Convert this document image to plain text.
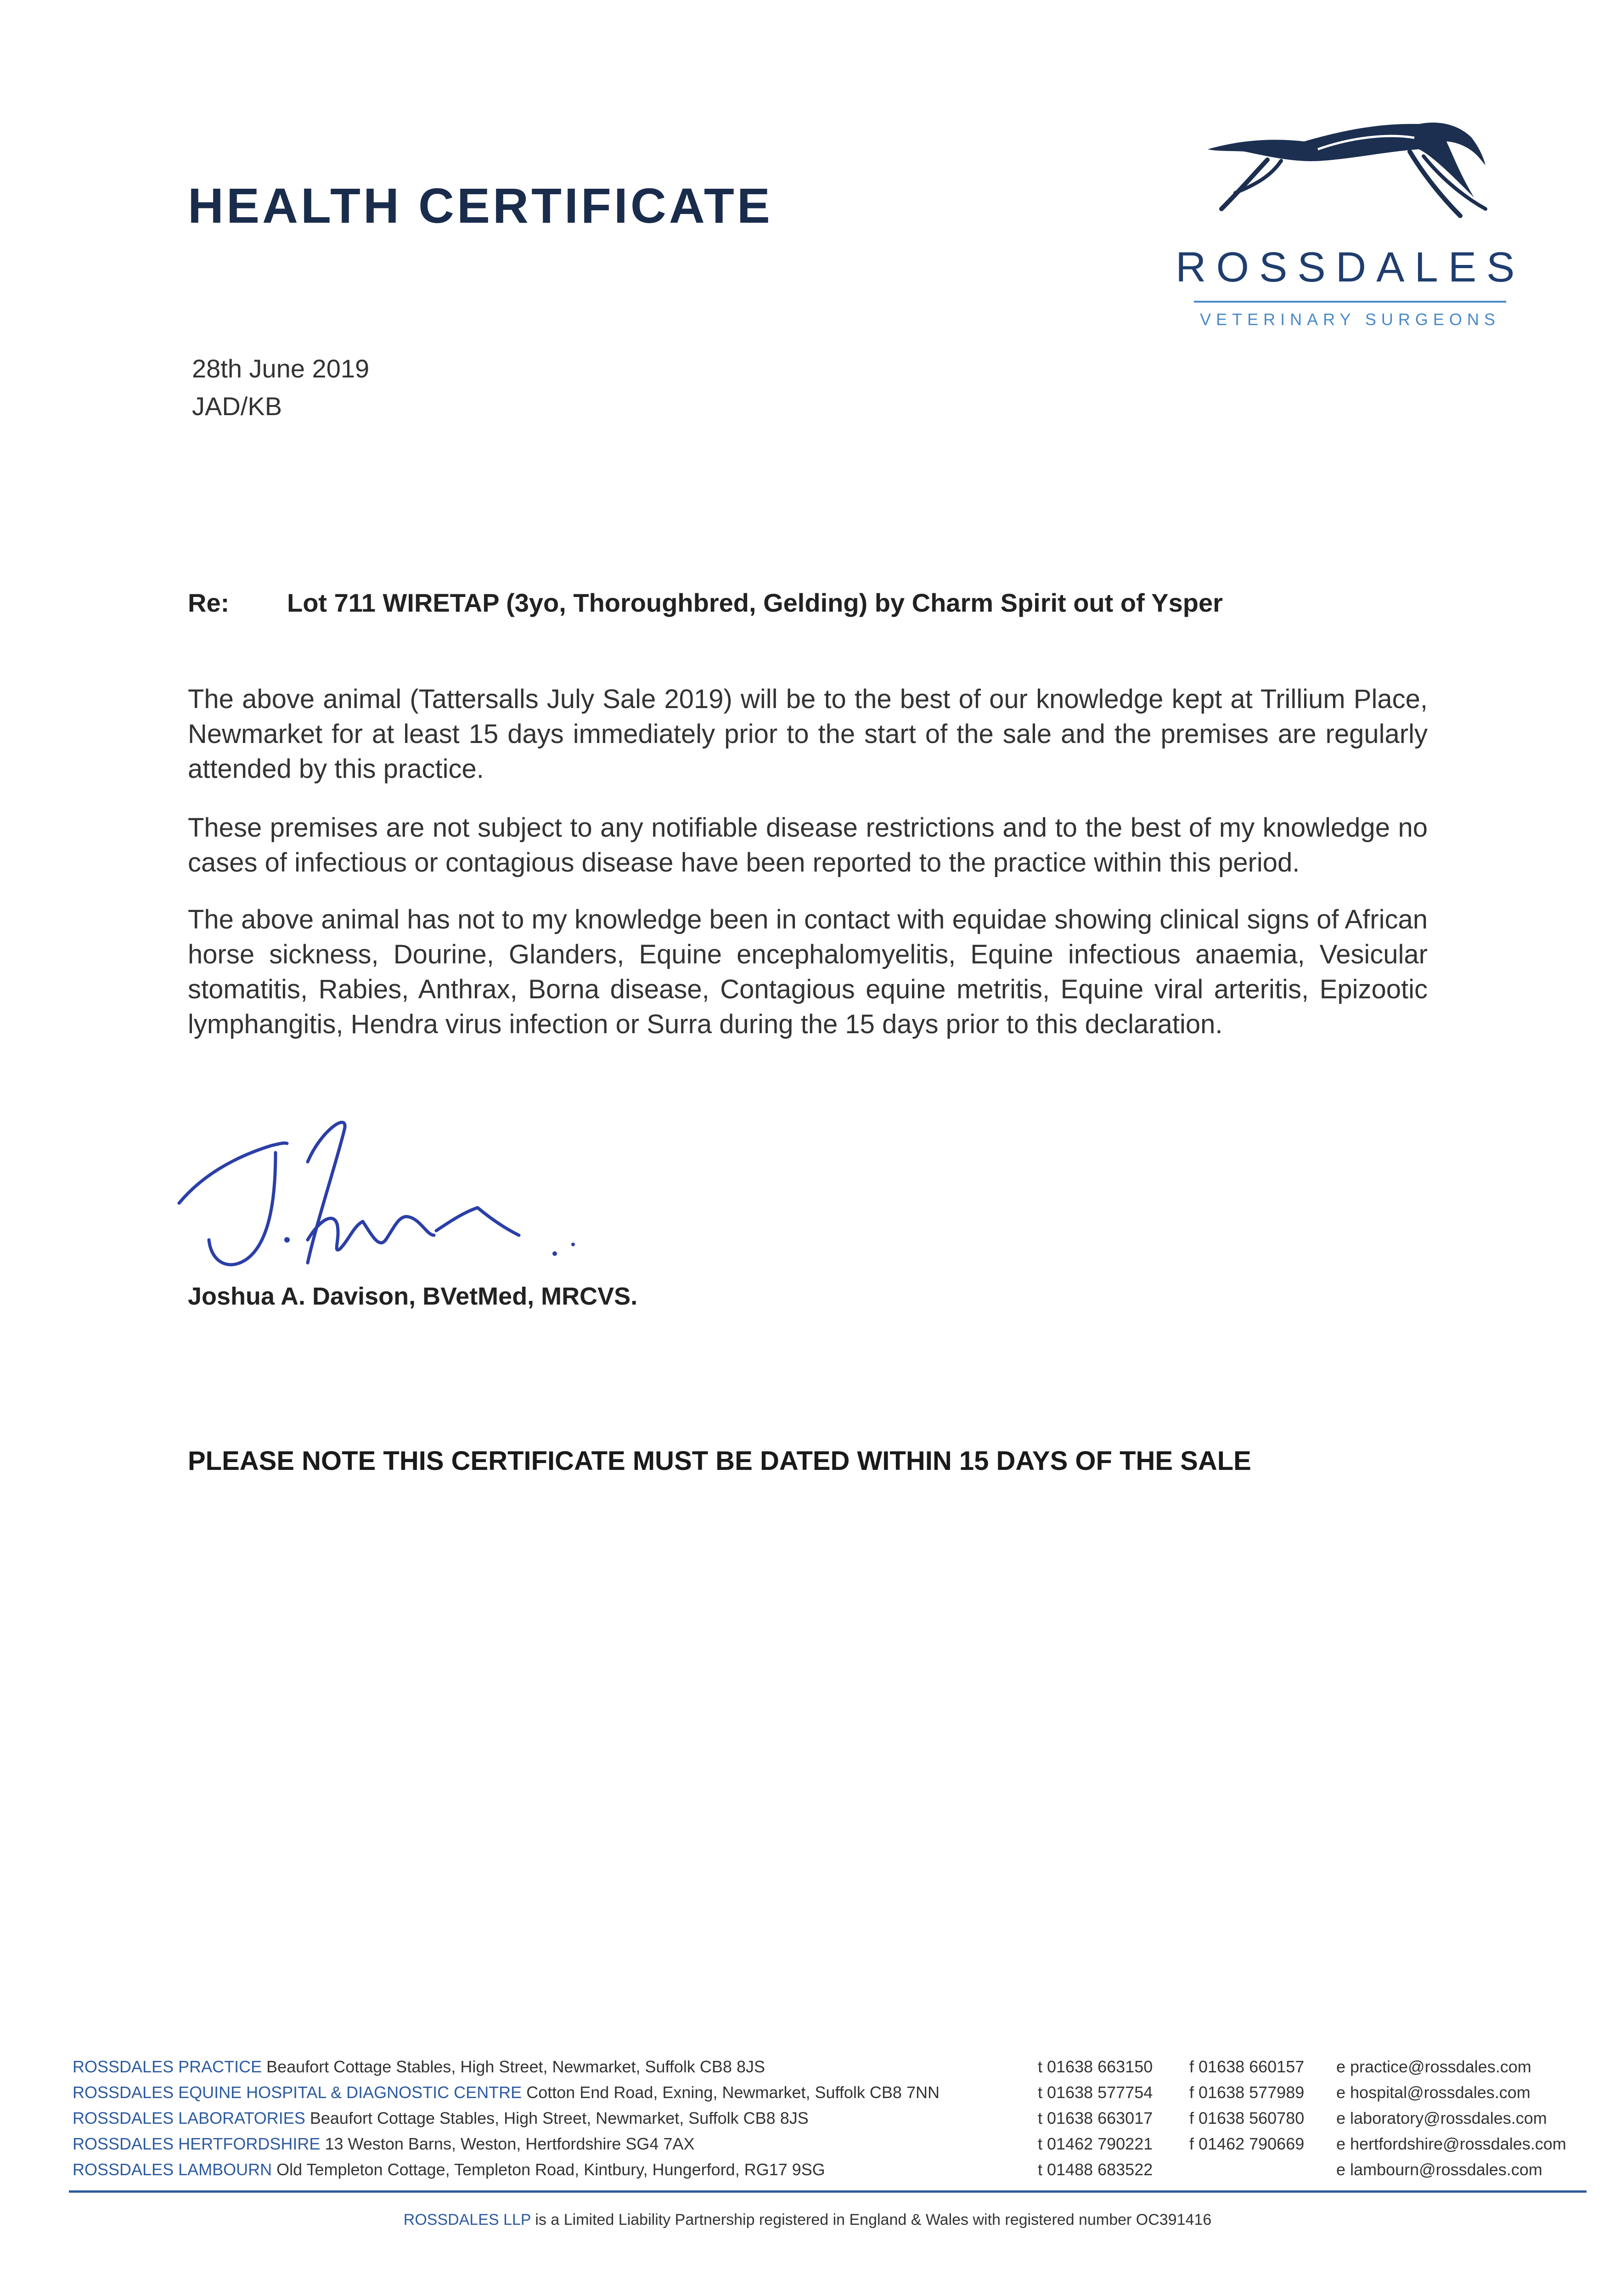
HEALTH CERTIFICATE
ROSSDALES
VETERINARY SURGEONS
28th June 2019
JAD/KB
Re: Lot 711 WIRETAP (3yo, Thoroughbred, Gelding) by Charm Spirit out of Ysper
The above animal (Tattersalls July Sale 2019) will be to the best of our knowledge kept at Trillium Place, Newmarket for at least 15 days immediately prior to the start of the sale and the premises are regularly attended by this practice.
These premises are not subject to any notifiable disease restrictions and to the best of my knowledge no cases of infectious or contagious disease have been reported to the practice within this period.
The above animal has not to my knowledge been in contact with equidae showing clinical signs of African horse sickness, Dourine, Glanders, Equine encephalomyelitis, Equine infectious anaemia, Vesicular stomatitis, Rabies, Anthrax, Borna disease, Contagious equine metritis, Equine viral arteritis, Epizootic lymphangitis, Hendra virus infection or Surra during the 15 days prior to this declaration.
Joshua A. Davison, BVetMed, MRCVS.
PLEASE NOTE THIS CERTIFICATE MUST BE DATED WITHIN 15 DAYS OF THE SALE
ROSSDALES PRACTICE Beaufort Cottage Stables, High Street, Newmarket, Suffolk CB8 8JS
ROSSDALES EQUINE HOSPITAL & DIAGNOSTIC CENTRE Cotton End Road, Exning, Newmarket, Suffolk CB8 7NN
ROSSDALES LABORATORIES Beaufort Cottage Stables, High Street, Newmarket, Suffolk CB8 8JS
ROSSDALES HERTFORDSHIRE 13 Weston Barns, Weston, Hertfordshire SG4 7AX
ROSSDALES LAMBOURN Old Templeton Cottage, Templeton Road, Kintbury, Hungerford, RG17 9SG
t 01638 663150
t 01638 577754
t 01638 663017
t 01462 790221
t 01488 683522
f 01638 660157
f 01638 577989
f 01638 560780
f 01462 790669
e practice@rossdales.com
e hospital@rossdales.com
e laboratory@rossdales.com
e hertfordshire@rossdales.com
e lambourn@rossdales.com
ROSSDALES LLP is a Limited Liability Partnership registered in England & Wales with registered number OC391416
